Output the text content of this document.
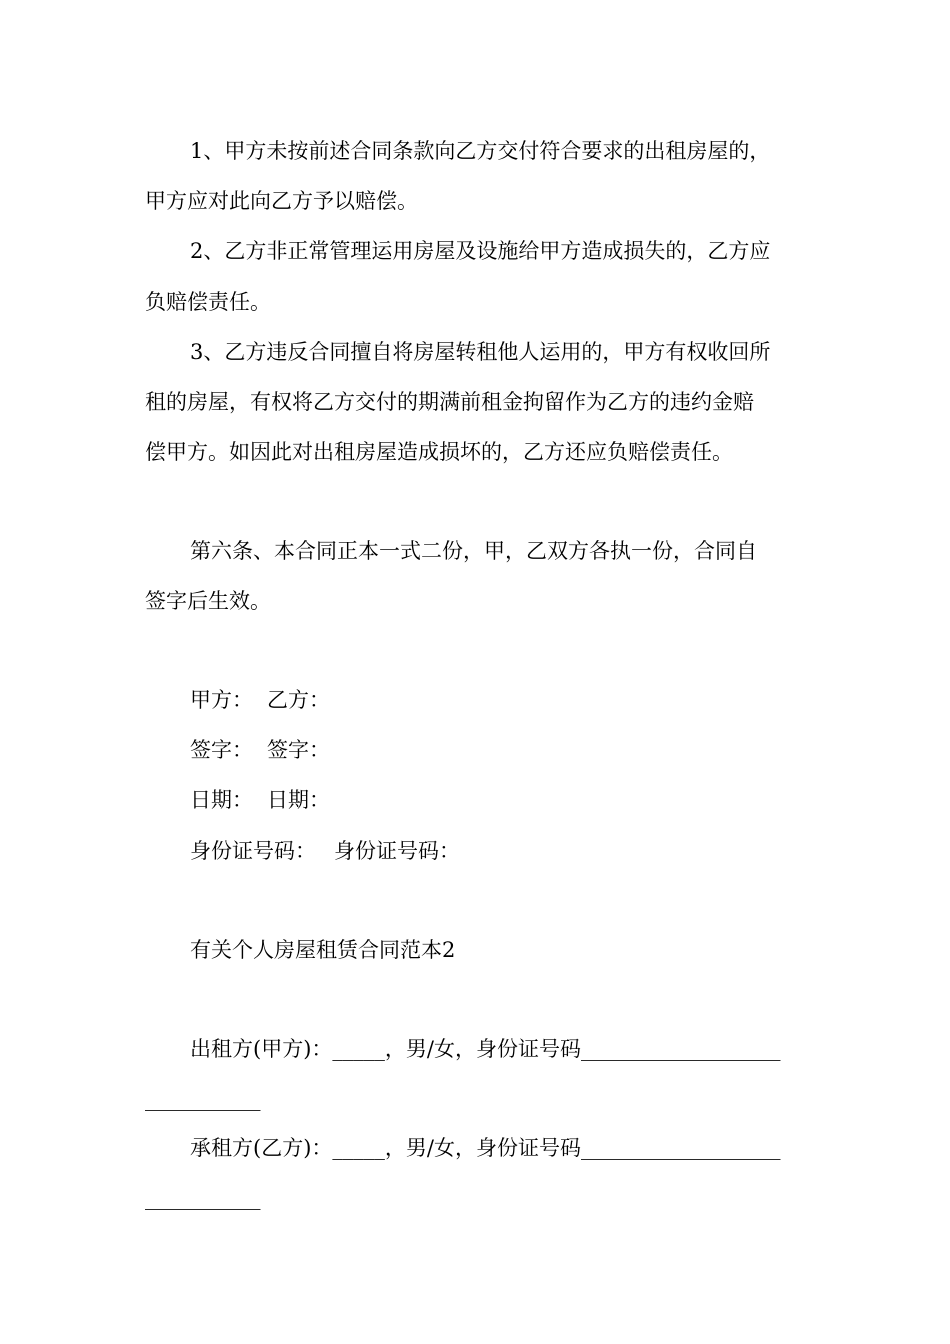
1、甲方未按前述合同条款向乙方交付符合要求的出租房屋的，
甲方应对此向乙方予以赔偿。
2、乙方非正常管理运用房屋及设施给甲方造成损失的，乙方应
负赔偿责任。
3、乙方违反合同擅自将房屋转租他人运用的，甲方有权收回所
租的房屋，有权将乙方交付的期满前租金拘留作为乙方的违约金赔
偿甲方。如因此对出租房屋造成损坏的，乙方还应负赔偿责任。
第六条、本合同正本一式二份，甲，乙双方各执一份，合同自
签字后生效。
甲方： 乙方：
签字： 签字：
日期： 日期：
身份证号码： 身份证号码：
有关个人房屋租赁合同范本2
出租方(甲方)：_____，男/女，身份证号码___________________
___________
承租方(乙方)：_____，男/女，身份证号码___________________
___________
